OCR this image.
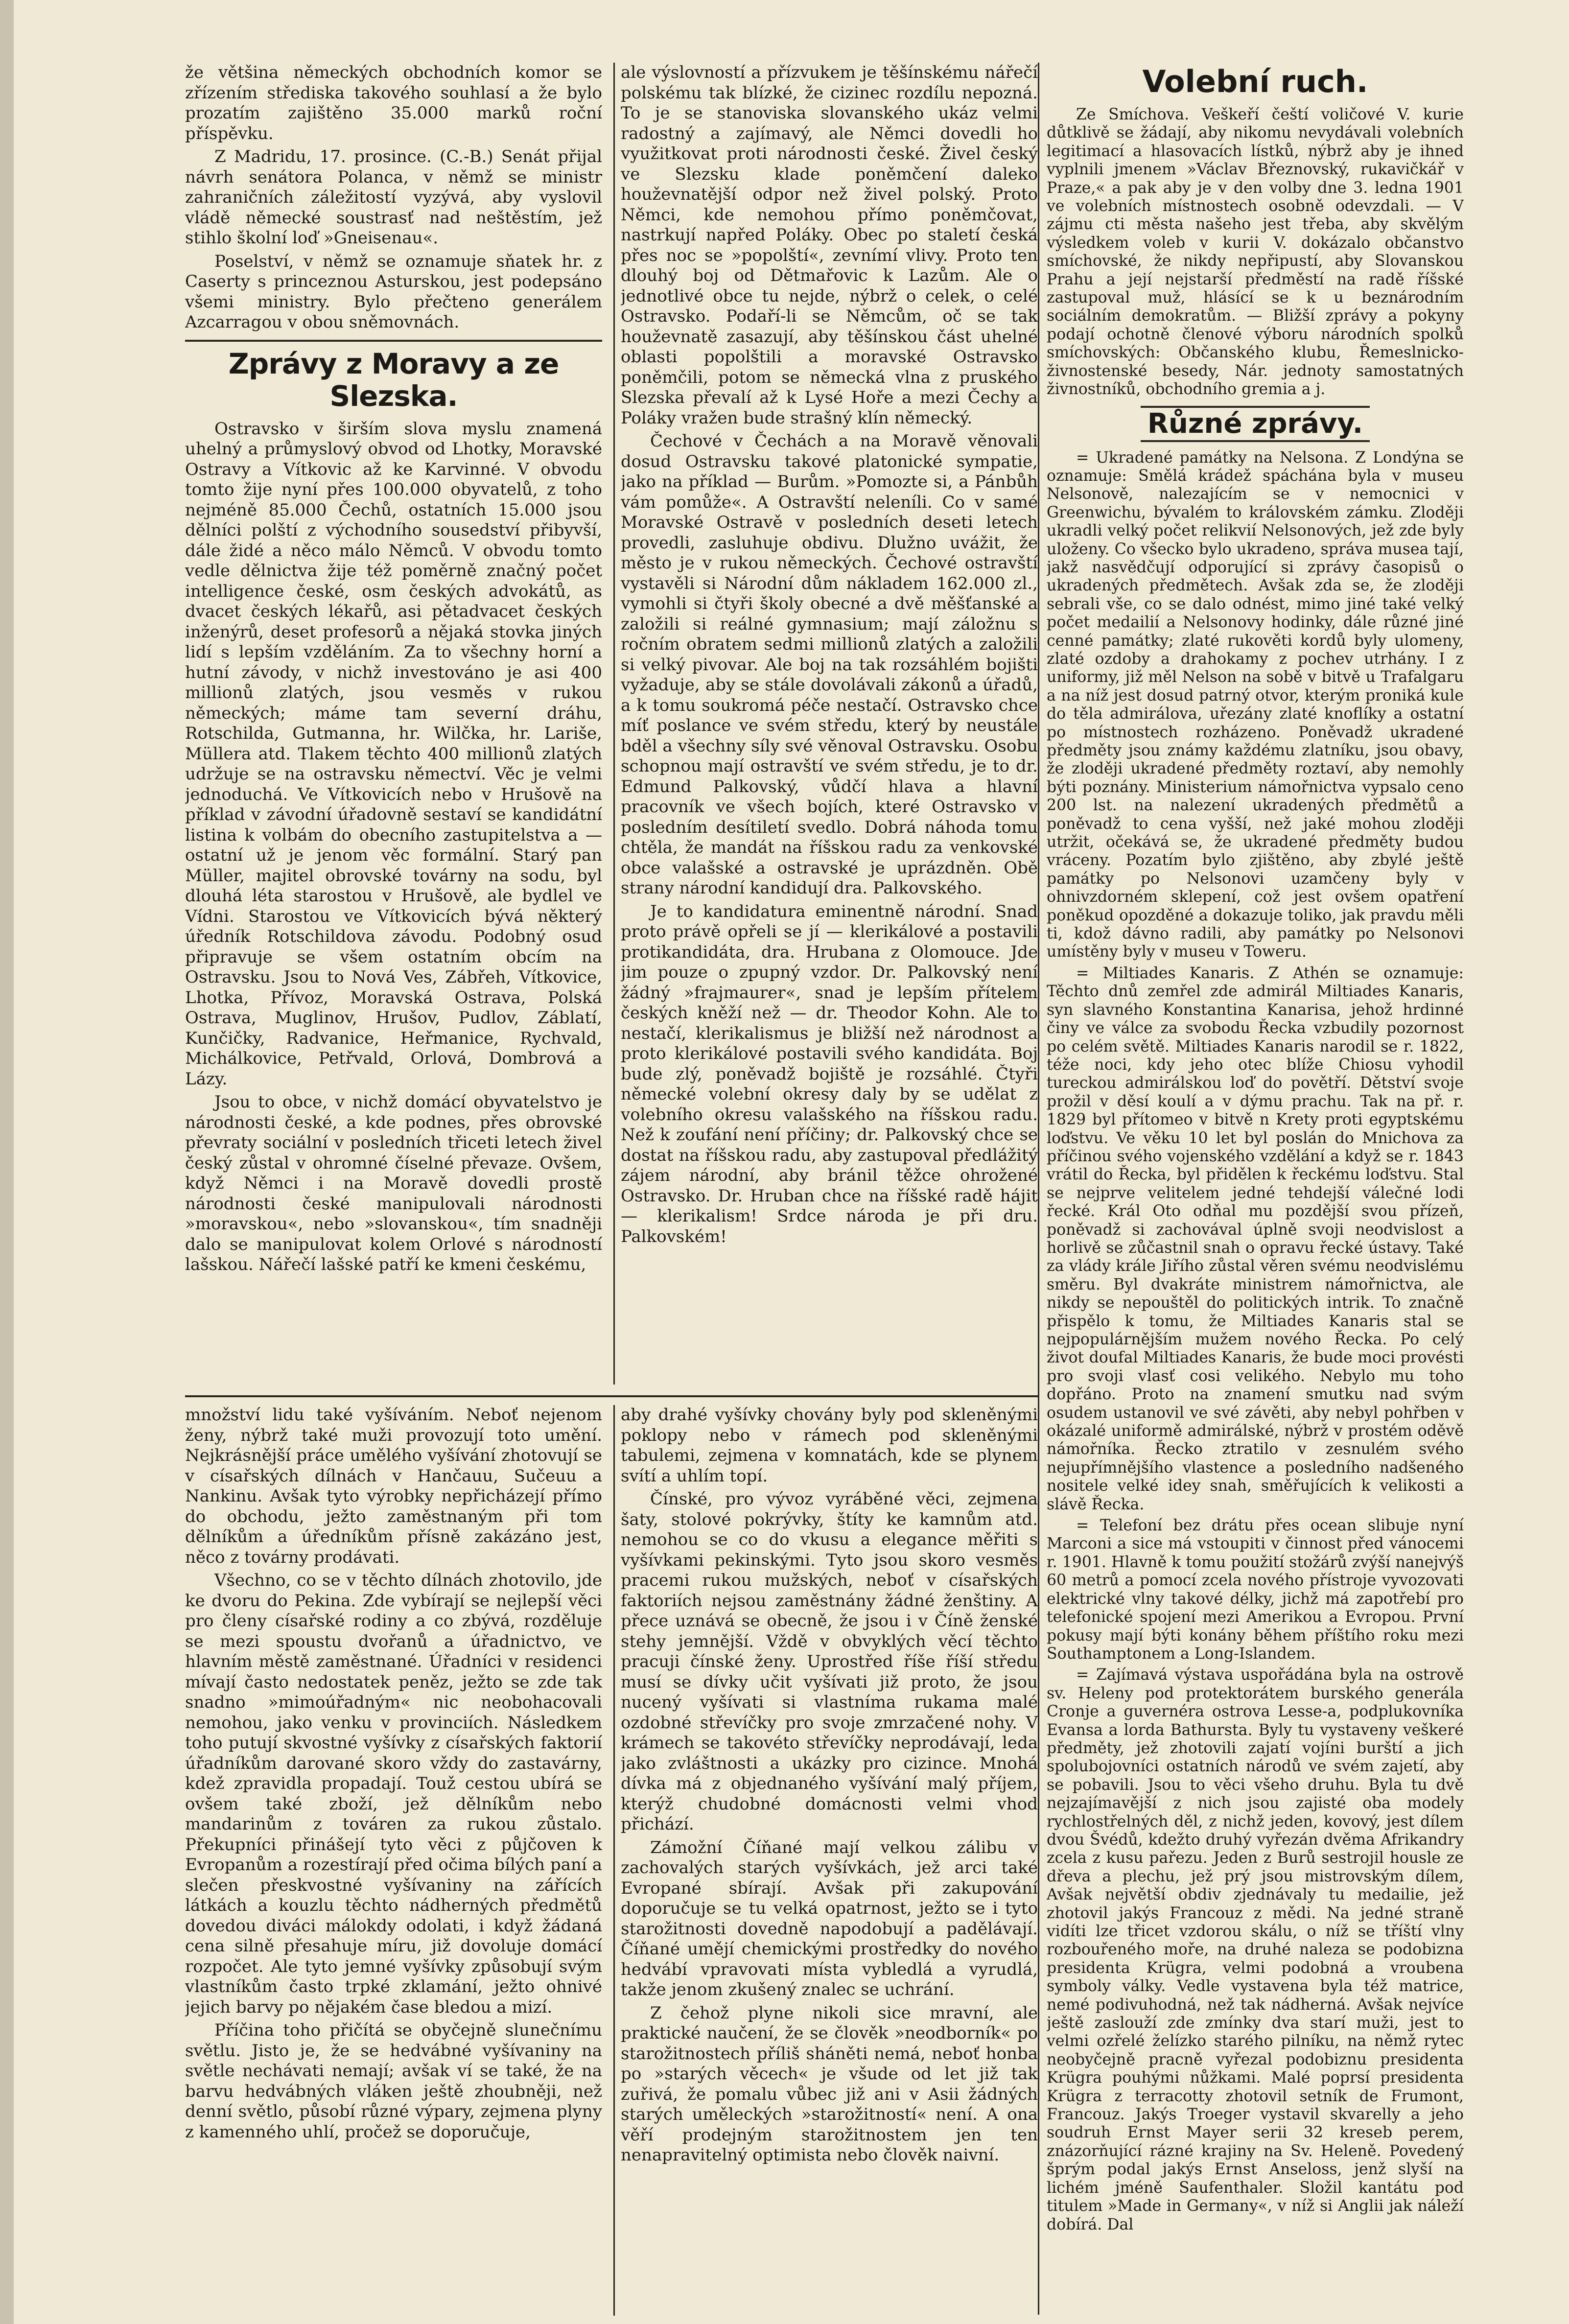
že většina německých obchodních komor se zřízením střediska takového souhlasí a že bylo prozatím zajištěno 35.000 marků roční příspěvku.

Z Madridu, 17. prosince. (C.-B.) Senát přijal návrh senátora Polanca, v němž se ministr zahraničních záležitostí vyzývá, aby vyslovil vládě německé soustrasť nad neštěstím, jež stihlo školní loď »Gneisenau«.

Poselství, v němž se oznamuje sňatek hr. z Caserty s princeznou Asturskou, jest podepsáno všemi ministry. Bylo přečteno generálem Azcarragou v obou sněmovnách.

Zprávy z Moravy a ze Slezska.

Ostravsko v širším slova myslu znamená uhelný a průmyslový obvod od Lhotky, Moravské Ostravy a Vítkovic až ke Karvinné. V obvodu tomto žije nyní přes 100.000 obyvatelů, z toho nejméně 85.000 Čechů, ostatních 15.000 jsou dělníci polští z východního sousedství přibyvší, dále židé a něco málo Němců. V obvodu tomto vedle dělnictva žije též poměrně značný počet intelligence české, osm českých advokátů, as dvacet českých lékařů, asi pětadvacet českých inženýrů, deset profesorů a nějaká stovka jiných lidí s lepším vzděláním. Za to všechny horní a hutní závody, v nichž investováno je asi 400 millionů zlatých, jsou vesměs v rukou německých; máme tam severní dráhu, Rotschilda, Gutmanna, hr. Wilčka, hr. Lariše, Müllera atd. Tlakem těchto 400 millionů zlatých udržuje se na ostravsku němectví. Věc je velmi jednoduchá. Ve Vítkovicích nebo v Hrušově na příklad v závodní úřadovně sestaví se kandidátní listina k volbám do obecního zastupitelstva a — ostatní už je jenom věc formální. Starý pan Müller, majitel obrovské továrny na sodu, byl dlouhá léta starostou v Hrušově, ale bydlel ve Vídni. Starostou ve Vítkovicích bývá některý úředník Rotschildova závodu. Podobný osud připravuje se všem ostatním obcím na Ostravsku. Jsou to Nová Ves, Zábřeh, Vítkovice, Lhotka, Přívoz, Moravská Ostrava, Polská Ostrava, Muglinov, Hrušov, Pudlov, Záblatí, Kunčičky, Radvanice, Heřmanice, Rychvald, Michálkovice, Petřvald, Orlová, Dombrová a Lázy.

Jsou to obce, v nichž domácí obyvatelstvo je národnosti české, a kde podnes, přes obrovské převraty sociální v posledních třiceti letech živel český zůstal v ohromné číselné převaze. Ovšem, když Němci i na Moravě dovedli prostě národnosti české manipulovali národnosti »moravskou«, nebo »slovanskou«, tím snadněji dalo se manipulovat kolem Orlové s národností lašskou. Nářečí lašské patří ke kmeni českému,

ale výslovností a přízvukem je těšínskému nářečí polskému tak blízké, že cizinec rozdílu nepozná. To je se stanoviska slovanského ukáz velmi radostný a zajímavý, ale Němci dovedli ho využitkovat proti národnosti české. Živel český ve Slezsku klade poněmčení daleko houževnatější odpor než živel polský. Proto Němci, kde nemohou přímo poněmčovat, nastrkují napřed Poláky. Obec po staletí česká přes noc se »popolští«, zevnímí vlivy. Proto ten dlouhý boj od Dětmařovic k Lazům. Ale o jednotlivé obce tu nejde, nýbrž o celek, o celé Ostravsko. Podaří-li se Němcům, oč se tak houževnatě zasazují, aby těšínskou část uhelné oblasti popolštili a moravské Ostravsko poněmčili, potom se německá vlna z pruského Slezska převalí až k Lysé Hoře a mezi Čechy a Poláky vražen bude strašný klín německý.

Čechové v Čechách a na Moravě věnovali dosud Ostravsku takové platonické sympatie, jako na příklad — Burům. »Pomozte si, a Pánbůh vám pomůže«. A Ostravští neleníli. Co v samé Moravské Ostravě v posledních deseti letech provedli, zasluhuje obdivu. Dlužno uvážit, že město je v rukou německých. Čechové ostravští vystavěli si Národní dům nákladem 162.000 zl., vymohli si čtyři školy obecné a dvě měšťanské a založili si reálné gymnasium; mají záložnu s ročním obratem sedmi millionů zlatých a založili si velký pivovar. Ale boj na tak rozsáhlém bojišti vyžaduje, aby se stále dovolávali zákonů a úřadů, a k tomu soukromá péče nestačí. Ostravsko chce míť poslance ve svém středu, který by neustále bděl a všechny síly své věnoval Ostravsku. Osobu schopnou mají ostravští ve svém středu, je to dr. Edmund Palkovský, vůdčí hlava a hlavní pracovník ve všech bojích, které Ostravsko v posledním desítiletí svedlo. Dobrá náhoda tomu chtěla, že mandát na říšskou radu za venkovské obce valašské a ostravské je uprázdněn. Obě strany národní kandidují dra. Palkovského.

Je to kandidatura eminentně národní. Snad proto právě opřeli se jí — klerikálové a postavili protikandidáta, dra. Hrubana z Olomouce. Jde jim pouze o zpupný vzdor. Dr. Palkovský není žádný »frajmaurer«, snad je lepším přítelem českých kněží než — dr. Theodor Kohn. Ale to nestačí, klerikalismus je bližší než národnost a proto klerikálové postavili svého kandidáta. Boj bude zlý, poněvadž bojiště je rozsáhlé. Čtyři německé volební okresy daly by se udělat z volebního okresu valašského na říšskou radu. Než k zoufání není příčiny; dr. Palkovský chce se dostat na říšskou radu, aby zastupoval předlážitý zájem národní, aby bránil těžce ohrožené Ostravsko. Dr. Hruban chce na říšské radě hájit — klerikalism! Srdce národa je při dru. Palkovském!

Volební ruch.

Ze Smíchova. Veškeří čeští voličové V. kurie důtklivě se žádají, aby nikomu nevydávali volebních legitimací a hlasovacích lístků, nýbrž aby je ihned vyplnili jmenem »Václav Březnovský, rukavičkář v Praze,« a pak aby je v den volby dne 3. ledna 1901 ve volebních místnostech osobně odevzdali. — V zájmu cti města našeho jest třeba, aby skvělým výsledkem voleb v kurii V. dokázalo občanstvo smíchovské, že nikdy nepřipustí, aby Slovanskou Prahu a její nejstarší předměstí na radě říšské zastupoval muž, hlásící se k u beznárodním sociálním demokratům. — Bližší zprávy a pokyny podají ochotně členové výboru národních spolků smíchovských: Občanského klubu, Řemeslnicko-živnostenské besedy, Nár. jednoty samostatných živnostníků, obchodního gremia a j.

Různé zprávy.

= Ukradené památky na Nelsona. Z Londýna se oznamuje: Smělá krádež spáchána byla v museu Nelsonově, nalezajícím se v nemocnici v Greenwichu, bývalém to královském zámku. Zloději ukradli velký počet relikvií Nelsonových, jež zde byly uloženy. Co všecko bylo ukradeno, správa musea tají, jakž nasvědčují odporující si zprávy časopisů o ukradených předmětech. Avšak zda se, že zloději sebrali vše, co se dalo odnést, mimo jiné také velký počet medailií a Nelsonovy hodinky, dále různé jiné cenné památky; zlaté rukověti kordů byly ulomeny, zlaté ozdoby a drahokamy z pochev utrhány. I z uniformy, již měl Nelson na sobě v bitvě u Trafalgaru a na níž jest dosud patrný otvor, kterým proniká kule do těla admirálova, uřezány zlaté knoflíky a ostatní po místnostech rozházeno. Poněvadž ukradené předměty jsou známy každému zlatníku, jsou obavy, že zloději ukradené předměty roztaví, aby nemohly býti poznány. Ministerium námořnictva vypsalo ceno 200 lst. na nalezení ukradených předmětů a poněvadž to cena vyšší, než jaké mohou zloději utržit, očekává se, že ukradené předměty budou vráceny. Pozatím bylo zjištěno, aby zbylé ještě památky po Nelsonovi uzamčeny byly v ohnivzdorném sklepení, což jest ovšem opatření poněkud opozděné a dokazuje toliko, jak pravdu měli ti, kdož dávno radili, aby památky po Nelsonovi umístěny byly v museu v Toweru.

= Miltiades Kanaris. Z Athén se oznamuje: Těchto dnů zemřel zde admirál Miltiades Kanaris, syn slavného Konstantina Kanarisa, jehož hrdinné činy ve válce za svobodu Řecka vzbudily pozornost po celém světě. Miltiades Kanaris narodil se r. 1822, téže noci, kdy jeho otec blíže Chiosu vyhodil tureckou admirálskou loď do povětří. Dětství svoje prožil v děsí koulí a v dýmu prachu. Tak na př. r. 1829 byl přítomeo v bitvě n Krety proti egyptskému loďstvu. Ve věku 10 let byl poslán do Mnichova za příčinou svého vojenského vzdělání a když se r. 1843 vrátil do Řecka, byl přidělen k řeckému loďstvu. Stal se nejprve velitelem jedné tehdejší válečné lodi řecké. Král Oto odňal mu pozdější svou přízeň, poněvadž si zachovával úplně svoji neodvislost a horlivě se zůčastnil snah o opravu řecké ústavy. Také za vlády krále Jiřího zůstal věren svému neodvislému směru. Byl dvakráte ministrem námořnictva, ale nikdy se nepouštěl do politických intrik. To značně přispělo k tomu, že Miltiades Kanaris stal se nejpopulárnějším mužem nového Řecka. Po celý život doufal Miltiades Kanaris, že bude moci provésti pro svoji vlasť cosi velikého. Nebylo mu toho dopřáno. Proto na znamení smutku nad svým osudem ustanovil ve své závěti, aby nebyl pohřben v okázalé uniformě admirálské, nýbrž v prostém oděvě námořníka. Řecko ztratilo v zesnulém svého nejupřímnějšího vlastence a posledního nadšeného nositele velké idey snah, směřujících k velikosti a slávě Řecka.

= Telefoní bez drátu přes ocean slibuje nyní Marconi a sice má vstoupiti v činnost před vánocemi r. 1901. Hlavně k tomu použití stožárů zvýší nanejvýš 60 metrů a pomocí zcela nového přístroje vyvozovati elektrické vlny takové délky, jichž má zapotřebí pro telefonické spojení mezi Amerikou a Evropou. První pokusy mají býti konány během příštího roku mezi Southamptonem a Long-Islandem.

= Zajímavá výstava uspořádána byla na ostrově sv. Heleny pod protektorátem burského generála Cronje a guvernéra ostrova Lesse-a, podplukovníka Evansa a lorda Bathursta. Byly tu vystaveny veškeré předměty, jež zhotovili zajatí vojíni burští a jich spolubojovníci ostatních národů ve svém zajetí, aby se pobavili. Jsou to věci všeho druhu. Byla tu dvě nejzajímavější z nich jsou zajisté oba modely rychlostřelných děl, z nichž jeden, kovový, jest dílem dvou Švédů, kdežto druhý vyřezán dvěma Afrikandry zcela z kusu pařezu. Jeden z Burů sestrojil housle ze dřeva a plechu, jež prý jsou mistrovským dílem, Avšak největší obdiv zjednávaly tu medailie, jež zhotovil jakýs Francouz z mědi. Na jedné straně vidíti lze třicet vzdorou skálu, o níž se tříští vlny rozbouřeného moře, na druhé naleza se podobizna presidenta Krügra, velmi podobná a vroubena symboly války. Vedle vystavena byla též matrice, nemé podivuhodná, než tak nádherná. Avšak nejvíce ještě zaslouží zde zmínky dva starí muži, jest to velmi ozřelé želízko starého pilníku, na němž rytec neobyčejně pracně vyřezal podobiznu presidenta Krügra pouhými nůžkami. Malé poprsí presidenta Krügra z terracotty zhotovil setník de Frumont, Francouz. Jakýs Troeger vystavil skvarelly a jeho soudruh Ernst Mayer serii 32 kreseb perem, znázorňující rázné krajiny na Sv. Heleně. Povedený šprým podal jakýs Ernst Anseloss, jenž slyší na lichém jméně Saufenthaler. Složil kantátu pod titulem »Made in Germany«, v níž si Anglii jak náleží dobírá. Dal

množství lidu také vyšíváním. Neboť nejenom ženy, nýbrž také muži provozují toto umění. Nejkrásnější práce umělého vyšívání zhotovují se v císařských dílnách v Hančauu, Sučeuu a Nankinu. Avšak tyto výrobky nepřicházejí přímo do obchodu, ježto zaměstnaným při tom dělníkům a úředníkům přísně zakázáno jest, něco z továrny prodávati.

Všechno, co se v těchto dílnách zhotovilo, jde ke dvoru do Pekina. Zde vybírají se nejlepší věci pro členy císařské rodiny a co zbývá, rozděluje se mezi spoustu dvořanů a úřadnictvo, ve hlavním městě zaměstnané. Úřadníci v residenci mívají často nedostatek peněz, ježto se zde tak snadno »mimoúřadným« nic neobohacovali nemohou, jako venku v provinciích. Následkem toho putují skvostné vyšívky z císařských faktorií úřadníkům darované skoro vždy do zastavárny, kdež zpravidla propadají. Touž cestou ubírá se ovšem také zboží, jež dělníkům nebo mandarinům z továren za rukou zůstalo. Překupníci přinášejí tyto věci z půjčoven k Evropanům a rozestírají před očima bílých paní a slečen přeskvostné vyšívaniny na zářících látkách a kouzlu těchto nádherných předmětů dovedou diváci málokdy odolati, i když žádaná cena silně přesahuje míru, již dovoluje domácí rozpočet. Ale tyto jemné vyšívky způsobují svým vlastníkům často trpké zklamání, ježto ohnivé jejich barvy po nějakém čase bledou a mizí.

Příčina toho přičítá se obyčejně slunečnímu světlu. Jisto je, že se hedvábné vyšívaniny na světle nechávati nemají; avšak ví se také, že na barvu hedvábných vláken ještě zhoubněji, než denní světlo, působí různé výpary, zejmena plyny z kamenného uhlí, pročež se doporučuje,

aby drahé vyšívky chovány byly pod skleněnými poklopy nebo v rámech pod skleněnými tabulemi, zejmena v komnatách, kde se plynem svítí a uhlím topí.

Čínské, pro vývoz vyráběné věci, zejmena šaty, stolové pokrývky, štíty ke kamnům atd. nemohou se co do vkusu a elegance měřiti s vyšívkami pekinskými. Tyto jsou skoro vesměs pracemi rukou mužských, neboť v císařských faktoriích nejsou zaměstnány žádné ženštiny. A přece uznává se obecně, že jsou i v Číně ženské stehy jemnější. Vždě v obvyklých věcí těchto pracuji čínské ženy. Uprostřed říše říší středu musí se dívky učit vyšívati již proto, že jsou nucený vyšívati si vlastníma rukama malé ozdobné střevíčky pro svoje zmrzačené nohy. V krámech se takovéto střevíčky neprodávají, leda jako zvláštnosti a ukázky pro cizince. Mnohá dívka má z objednaného vyšívání malý příjem, kterýž chudobné domácnosti velmi vhod přichází.

Zámožní Číňané mají velkou zálibu v zachovalých starých vyšívkách, jež arci také Evropané sbírají. Avšak při zakupování doporučuje se tu velká opatrnost, ježto se i tyto starožitnosti dovedně napodobují a padělávají. Číňané umějí chemickými prostředky do nového hedvábí vpravovati místa vybledlá a vyrudlá, takže jenom zkušený znalec se uchrání.

Z čehož plyne nikoli sice mravní, ale praktické naučení, že se člověk »neodborník« po starožitnostech příliš sháněti nemá, neboť honba po »starých věcech« je všude od let již tak zuřivá, že pomalu vůbec již ani v Asii žádných starých uměleckých »starožitností« není. A ona věří prodejným starožitnostem jen ten nenapravitelný optimista nebo člověk naivní.
